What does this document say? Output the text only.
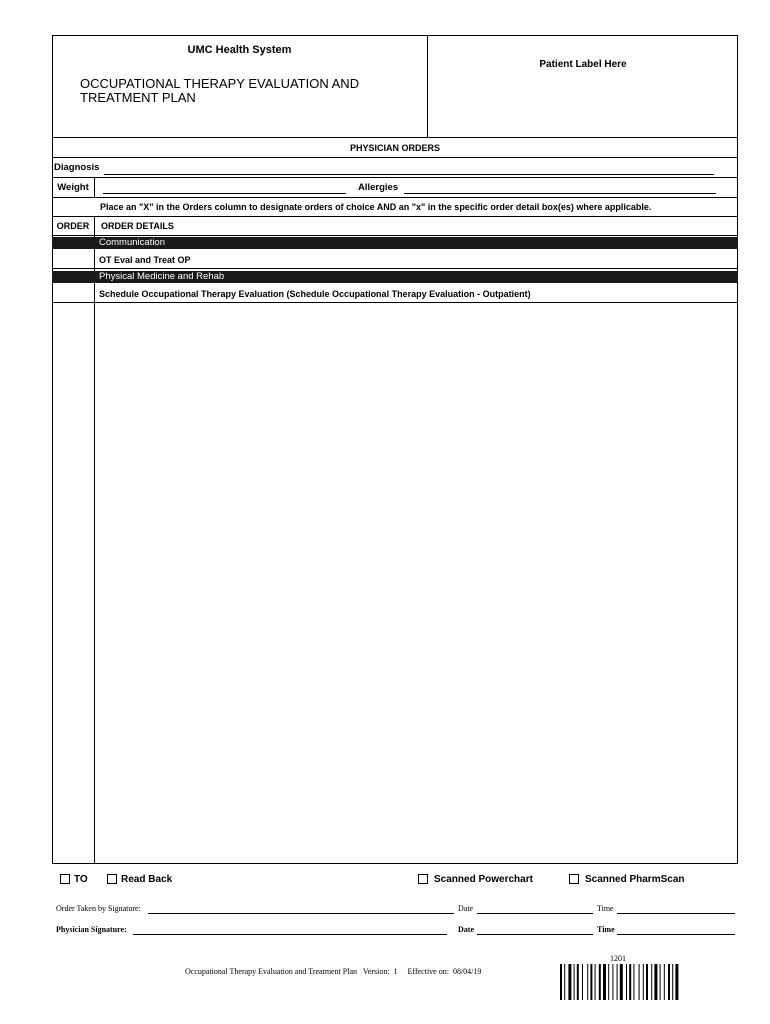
UMC Health System
OCCUPATIONAL THERAPY EVALUATION AND
TREATMENT PLAN
Patient Label Here
PHYSICIAN ORDERS
Diagnosis
Weight	Allergies
Place an "X" in the Orders column to designate orders of choice AND an "x" in the specific order detail box(es) where applicable.
ORDER	ORDER DETAILS
Communication
OT Eval and Treat OP
Physical Medicine and Rehab
Schedule Occupational Therapy Evaluation (Schedule Occupational Therapy Evaluation - Outpatient)
TO	Read Back	Scanned Powerchart	Scanned PharmScan
Order Taken by Signature:	Date	Time
Physician Signature:	Date	Time
Occupational Therapy Evaluation and Treatment Plan   Version:  1     Effective on:  08/04/19
1201
